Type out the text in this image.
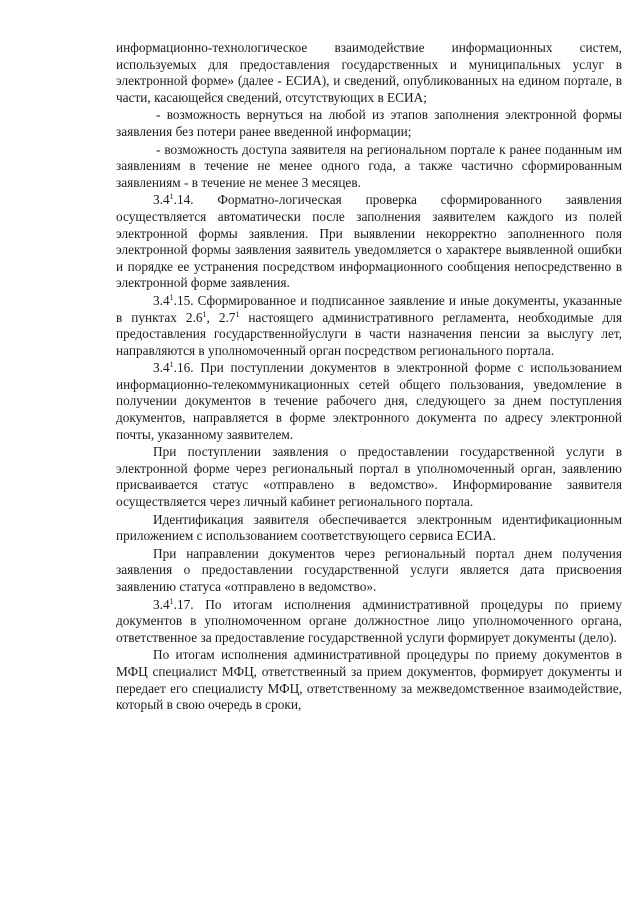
информационно-технологическое взаимодействие информационных систем, используемых для предоставления государственных и муниципальных услуг в электронной форме» (далее - ЕСИА), и сведений, опубликованных на едином портале, в части, касающейся сведений, отсутствующих в ЕСИА;

- возможность вернуться на любой из этапов заполнения электронной формы заявления без потери ранее введенной информации;

- возможность доступа заявителя на региональном портале к ранее поданным им заявлениям в течение не менее одного года, а также частично сформированным заявлениям - в течение не менее 3 месяцев.

$3.4^1.14$. Форматно-логическая проверка сформированного заявления осуществляется автоматически после заполнения заявителем каждого из полей электронной формы заявления. При выявлении некорректно заполненного поля электронной формы заявления заявитель уведомляется о характере выявленной ошибки и порядке ее устранения посредством информационного сообщения непосредственно в электронной форме заявления.

$3.4^1.15$. Сформированное и подписанное заявление и иные документы, указанные в пунктах $2.6^1$, $2.7^1$ настоящего административного регламента, необходимые для предоставления государственнойуслуги в части назначения пенсии за выслугу лет, направляются в уполномоченный орган посредством регионального портала.

$3.4^1.16$. При поступлении документов в электронной форме с использованием информационно-телекоммуникационных сетей общего пользования, уведомление в получении документов в течение рабочего дня, следующего за днем поступления документов, направляется в форме электронного документа по адресу электронной почты, указанному заявителем.

При поступлении заявления о предоставлении государственной услуги в электронной форме через региональный портал в уполномоченный орган, заявлению присваивается статус «отправлено в ведомство». Информирование заявителя осуществляется через личный кабинет регионального портала.

Идентификация заявителя обеспечивается электронным идентификационным приложением с использованием соответствующего сервиса ЕСИА.

При направлении документов через региональный портал днем получения заявления о предоставлении государственной услуги является дата присвоения заявлению статуса «отправлено в ведомство».

$3.4^1.17$. По итогам исполнения административной процедуры по приему документов в уполномоченном органе должностное лицо уполномоченного органа, ответственное за предоставление государственной услуги формирует документы (дело).

По итогам исполнения административной процедуры по приему документов в МФЦ специалист МФЦ, ответственный за прием документов, формирует документы и передает его специалисту МФЦ, ответственному за межведомственное взаимодействие, который в свою очередь в сроки,
